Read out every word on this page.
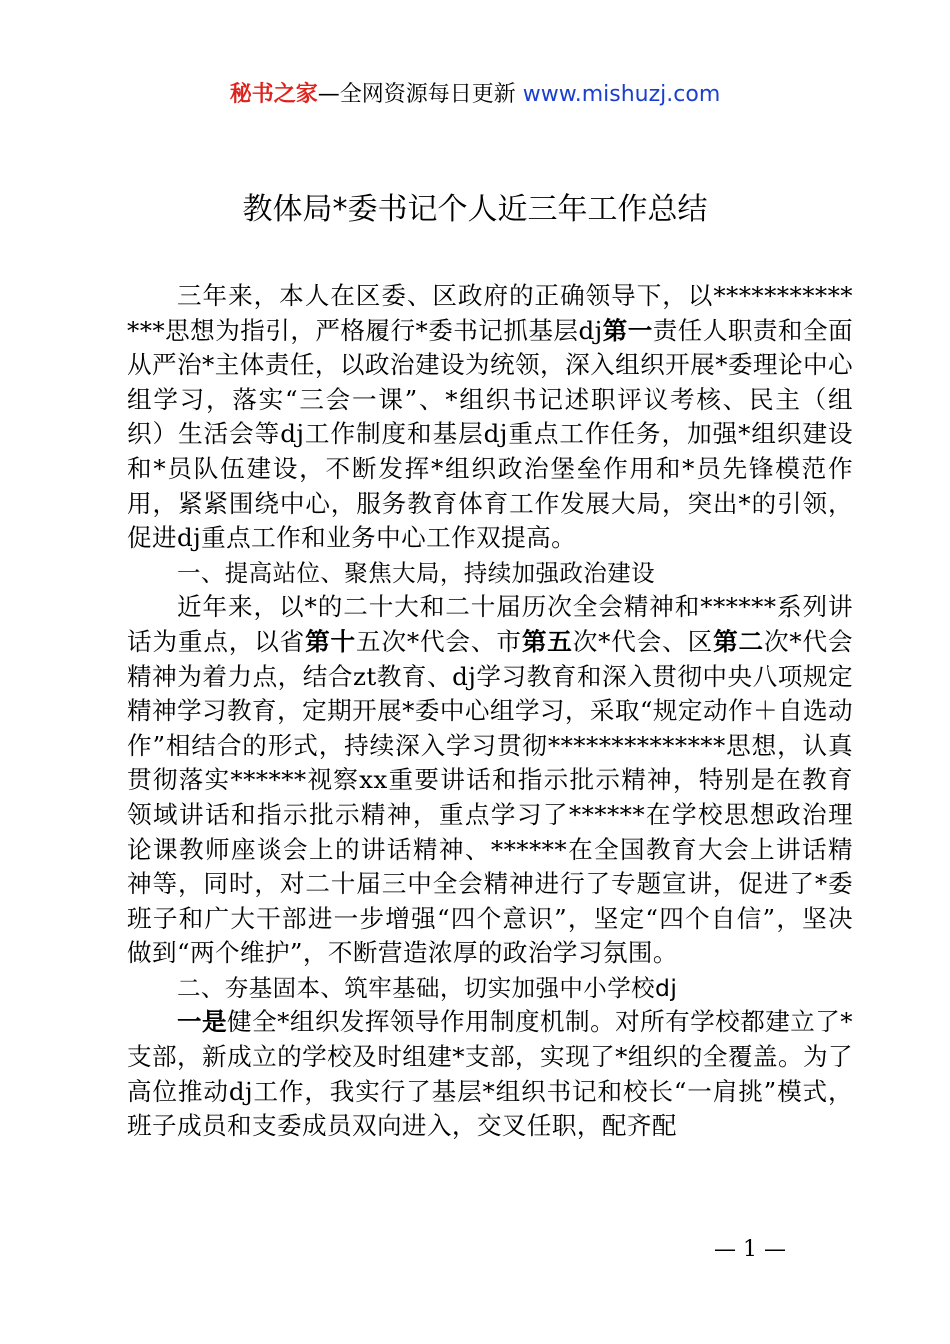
秘书之家—全网资源每日更新 www.mishuzj.com
教体局*委书记个人近三年工作总结

三年来，本人在区委、区政府的正确领导下，以**************思想为指引，严格履行*委书记抓基层dj第一责任人职责和全面从严治*主体责任，以政治建设为统领，深入组织开展*委理论中心组学习，落实“三会一课”、*组织书记述职评议考核、民主（组织）生活会等dj工作制度和基层dj重点工作任务，加强*组织建设和*员队伍建设，不断发挥*组织政治堡垒作用和*员先锋模范作用，紧紧围绕中心，服务教育体育工作发展大局，突出*的引领，促进dj重点工作和业务中心工作双提高。

一、提高站位、聚焦大局，持续加强政治建设

近年来，以*的二十大和二十届历次全会精神和******系列讲话为重点，以省第十五次*代会、市第五次*代会、区第二次*代会精神为着力点，结合zt教育、dj学习教育和深入贯彻中央八项规定精神学习教育，定期开展*委中心组学习，采取“规定动作＋自选动作”相结合的形式，持续深入学习贯彻**************思想，认真贯彻落实******视察xx重要讲话和指示批示精神，特别是在教育领域讲话和指示批示精神，重点学习了******在学校思想政治理论课教师座谈会上的讲话精神、******在全国教育大会上讲话精神等，同时，对二十届三中全会精神进行了专题宣讲，促进了*委班子和广大干部进一步增强“四个意识”，坚定“四个自信”，坚决做到“两个维护”，不断营造浓厚的政治学习氛围。

二、夯基固本、筑牢基础，切实加强中小学校dj

一是健全*组织发挥领导作用制度机制。对所有学校都建立了*支部，新成立的学校及时组建*支部，实现了*组织的全覆盖。为了高位推动dj工作，我实行了基层*组织书记和校长“一肩挑”模式，班子成员和支委成员双向进入，交叉任职，配齐配

— 1 —
